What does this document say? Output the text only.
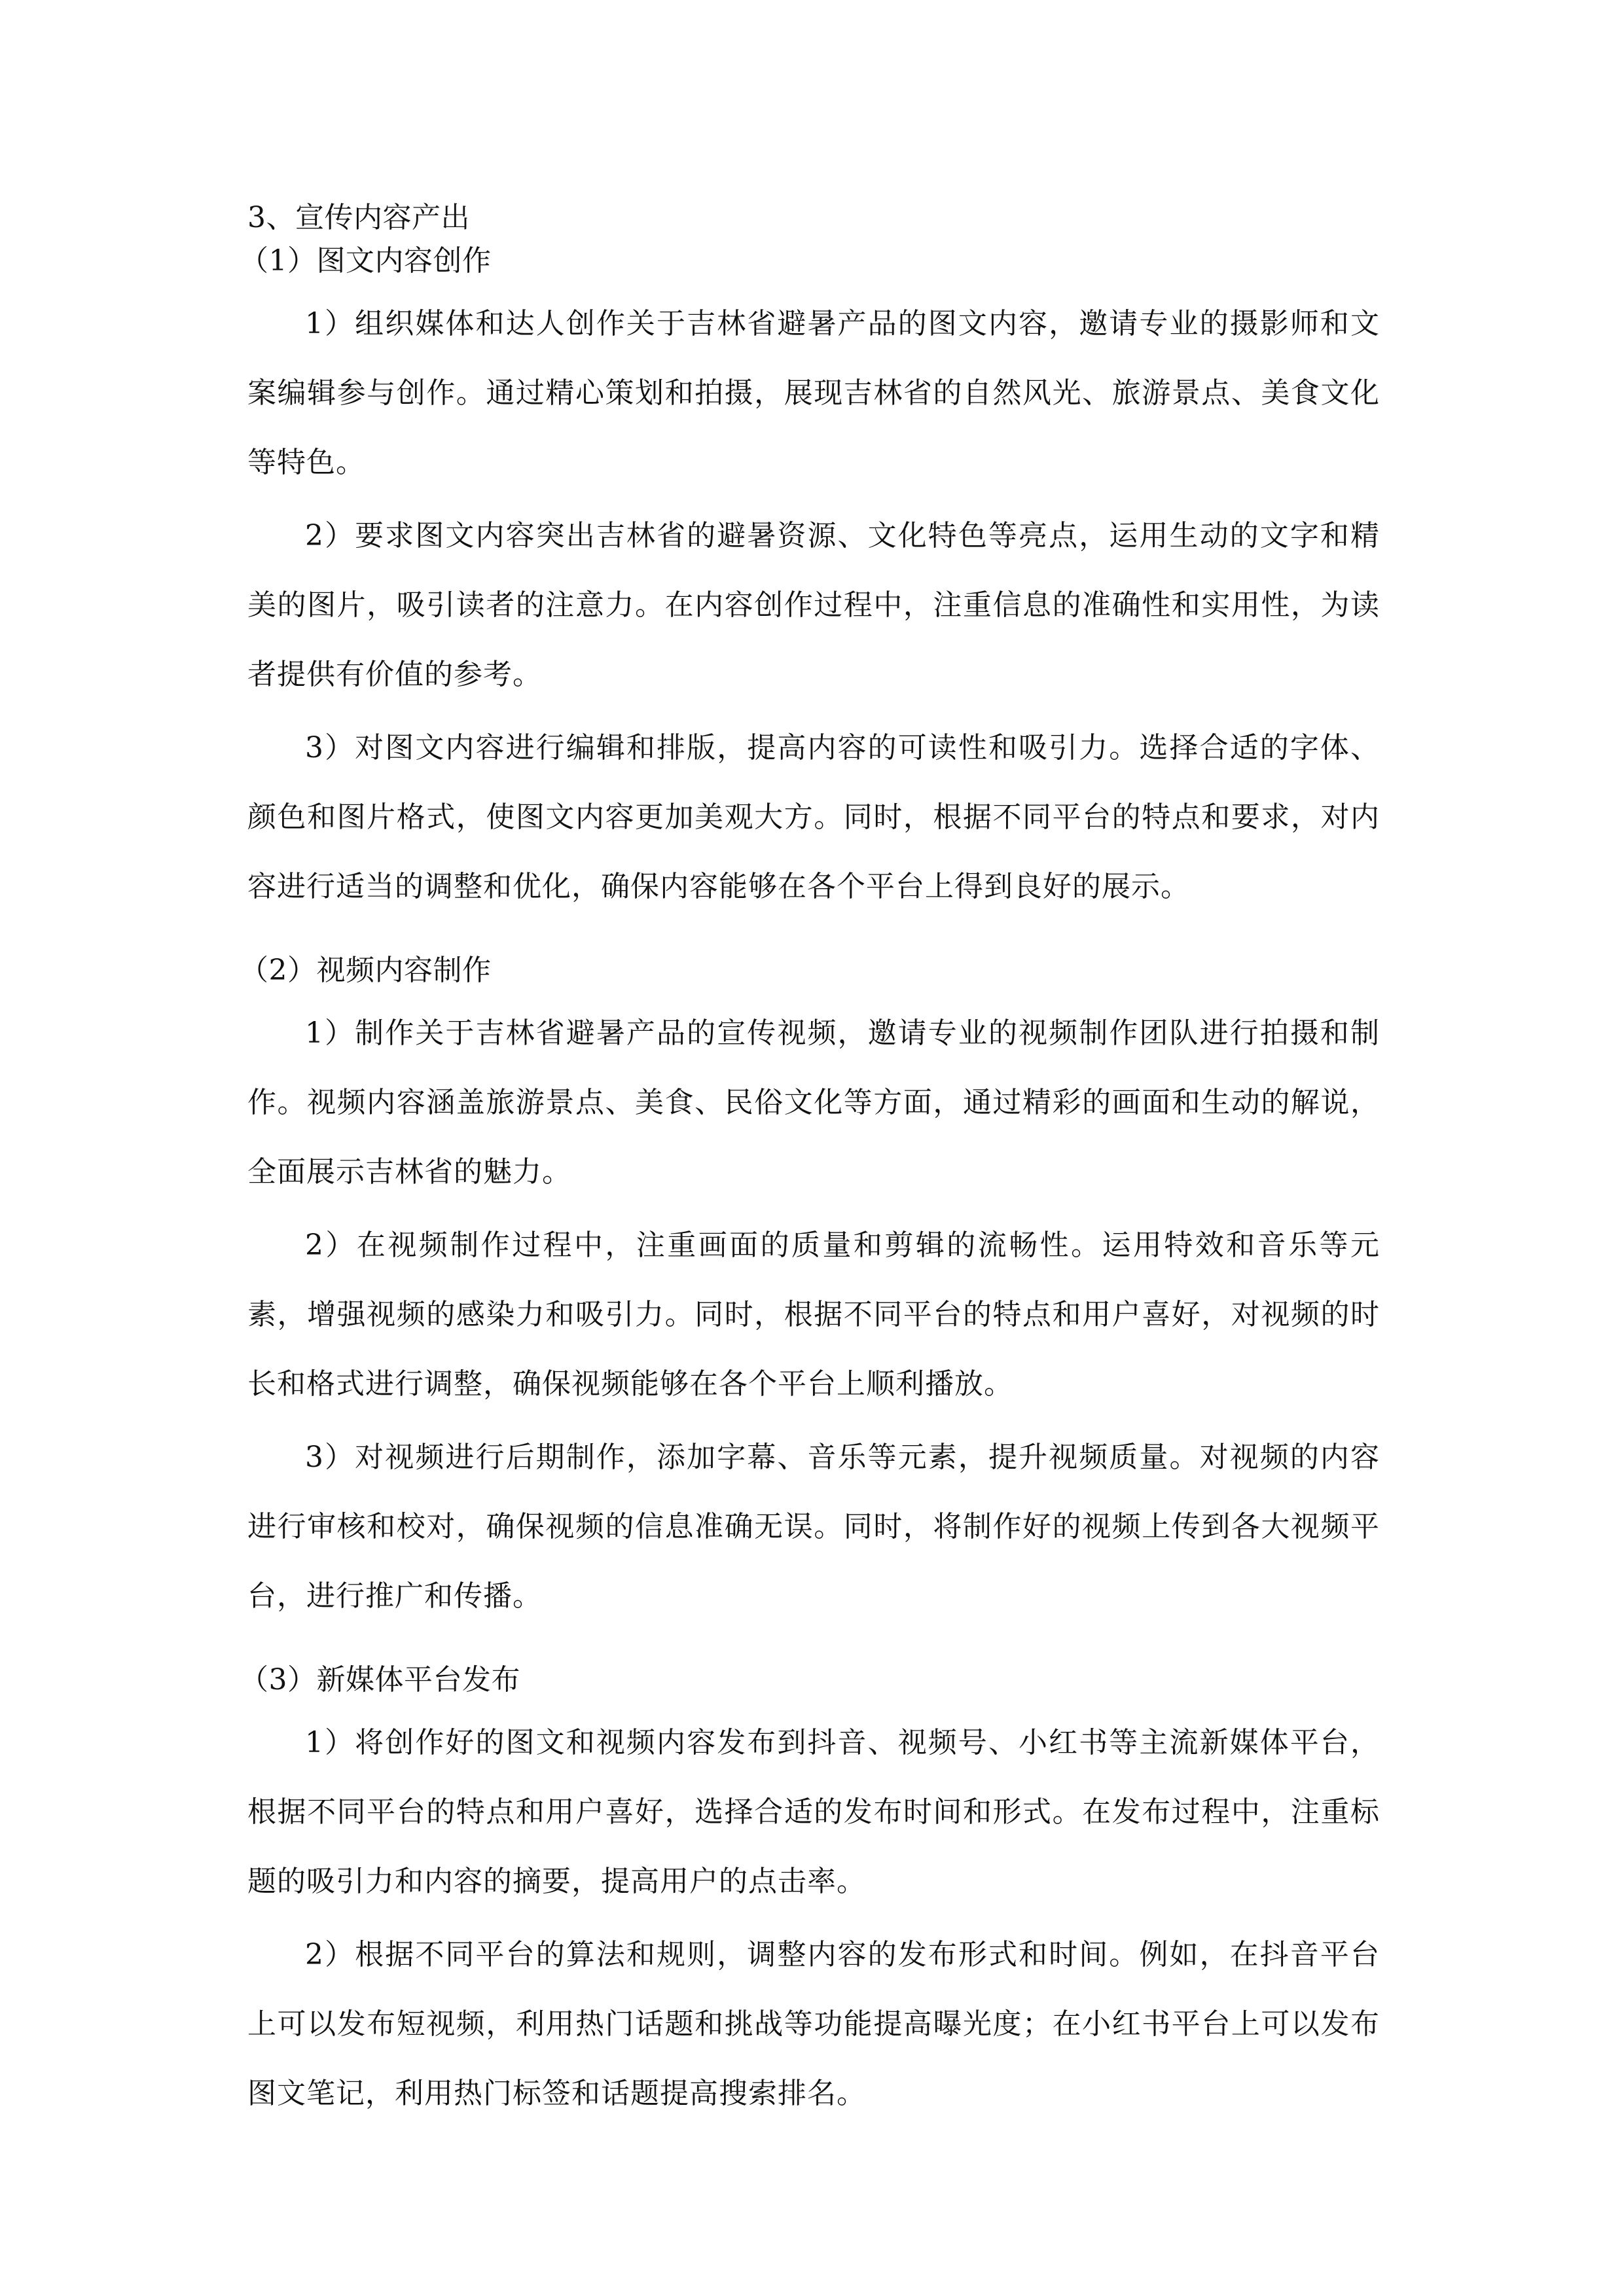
3、宣传内容产出
（1）图文内容创作

1）组织媒体和达人创作关于吉林省避暑产品的图文内容，邀请专业的摄影师和文案编辑参与创作。通过精心策划和拍摄，展现吉林省的自然风光、旅游景点、美食文化等特色。

2）要求图文内容突出吉林省的避暑资源、文化特色等亮点，运用生动的文字和精美的图片，吸引读者的注意力。在内容创作过程中，注重信息的准确性和实用性，为读者提供有价值的参考。

3）对图文内容进行编辑和排版，提高内容的可读性和吸引力。选择合适的字体、颜色和图片格式，使图文内容更加美观大方。同时，根据不同平台的特点和要求，对内容进行适当的调整和优化，确保内容能够在各个平台上得到良好的展示。

（2）视频内容制作

1）制作关于吉林省避暑产品的宣传视频，邀请专业的视频制作团队进行拍摄和制作。视频内容涵盖旅游景点、美食、民俗文化等方面，通过精彩的画面和生动的解说，全面展示吉林省的魅力。

2）在视频制作过程中，注重画面的质量和剪辑的流畅性。运用特效和音乐等元素，增强视频的感染力和吸引力。同时，根据不同平台的特点和用户喜好，对视频的时长和格式进行调整，确保视频能够在各个平台上顺利播放。

3）对视频进行后期制作，添加字幕、音乐等元素，提升视频质量。对视频的内容进行审核和校对，确保视频的信息准确无误。同时，将制作好的视频上传到各大视频平台，进行推广和传播。

（3）新媒体平台发布

1）将创作好的图文和视频内容发布到抖音、视频号、小红书等主流新媒体平台，根据不同平台的特点和用户喜好，选择合适的发布时间和形式。在发布过程中，注重标题的吸引力和内容的摘要，提高用户的点击率。

2）根据不同平台的算法和规则，调整内容的发布形式和时间。例如，在抖音平台上可以发布短视频，利用热门话题和挑战等功能提高曝光度；在小红书平台上可以发布图文笔记，利用热门标签和话题提高搜索排名。
